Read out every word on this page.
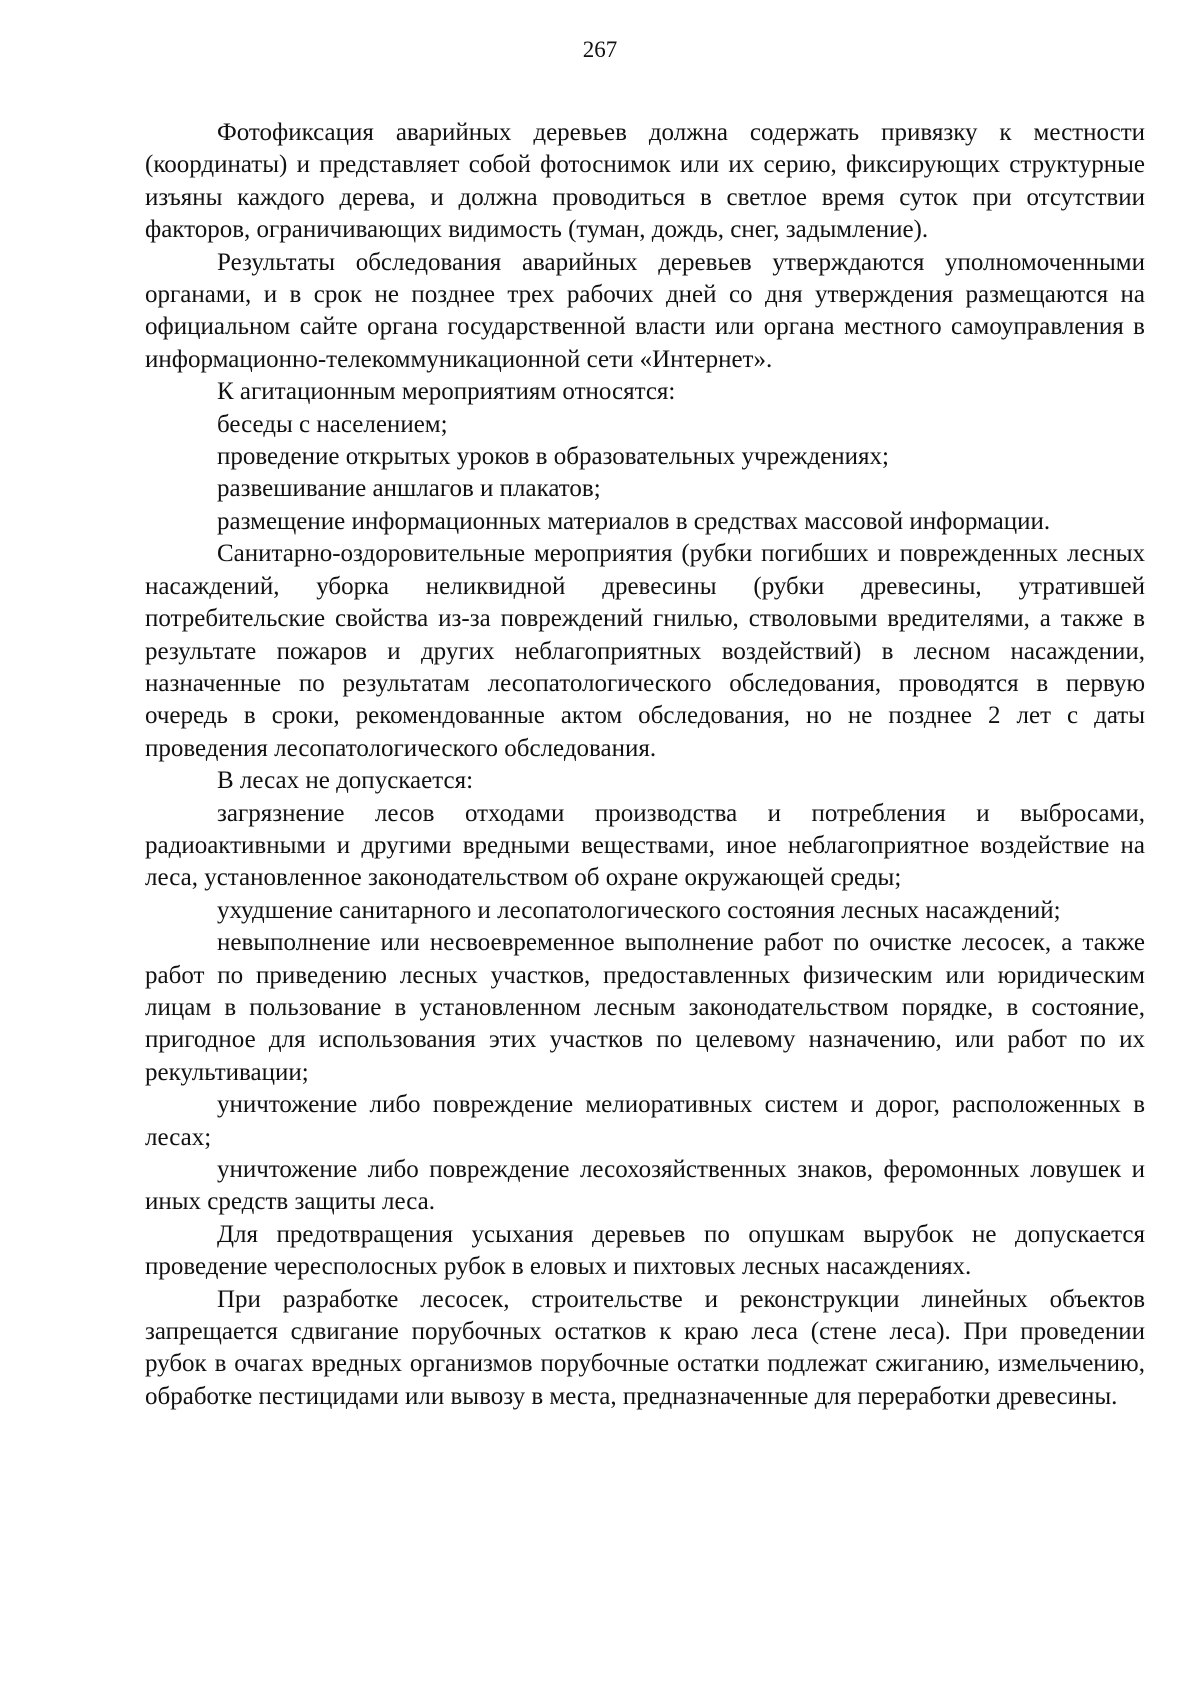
267

Фотофиксация аварийных деревьев должна содержать привязку к местности (координаты) и представляет собой фотоснимок или их серию, фиксирующих структурные изъяны каждого дерева, и должна проводиться в светлое время суток при отсутствии факторов, ограничивающих видимость (туман, дождь, снег, задымление).

Результаты обследования аварийных деревьев утверждаются уполномоченными органами, и в срок не позднее трех рабочих дней со дня утверждения размещаются на официальном сайте органа государственной власти или органа местного самоуправления в информационно-телекоммуникационной сети «Интернет».

К агитационным мероприятиям относятся:

беседы с населением;

проведение открытых уроков в образовательных учреждениях;

развешивание аншлагов и плакатов;

размещение информационных материалов в средствах массовой информации.

Санитарно-оздоровительные мероприятия (рубки погибших и поврежденных лесных насаждений, уборка неликвидной древесины (рубки древесины, утратившей потребительские свойства из-за повреждений гнилью, стволовыми вредителями, а также в результате пожаров и других неблагоприятных воздействий) в лесном насаждении, назначенные по результатам лесопатологического обследования, проводятся в первую очередь в сроки, рекомендованные актом обследования, но не позднее 2 лет с даты проведения лесопатологического обследования.

В лесах не допускается:

загрязнение лесов отходами производства и потребления и выбросами, радиоактивными и другими вредными веществами, иное неблагоприятное воздействие на леса, установленное законодательством об охране окружающей среды;

ухудшение санитарного и лесопатологического состояния лесных насаждений;

невыполнение или несвоевременное выполнение работ по очистке лесосек, а также работ по приведению лесных участков, предоставленных физическим или юридическим лицам в пользование в установленном лесным законодательством порядке, в состояние, пригодное для использования этих участков по целевому назначению, или работ по их рекультивации;

уничтожение либо повреждение мелиоративных систем и дорог, расположенных в лесах;

уничтожение либо повреждение лесохозяйственных знаков, феромонных ловушек и иных средств защиты леса.

Для предотвращения усыхания деревьев по опушкам вырубок не допускается проведение чересполосных рубок в еловых и пихтовых лесных насаждениях.

При разработке лесосек, строительстве и реконструкции линейных объектов запрещается сдвигание порубочных остатков к краю леса (стене леса). При проведении рубок в очагах вредных организмов порубочные остатки подлежат сжиганию, измельчению, обработке пестицидами или вывозу в места, предназначенные для переработки древесины.
